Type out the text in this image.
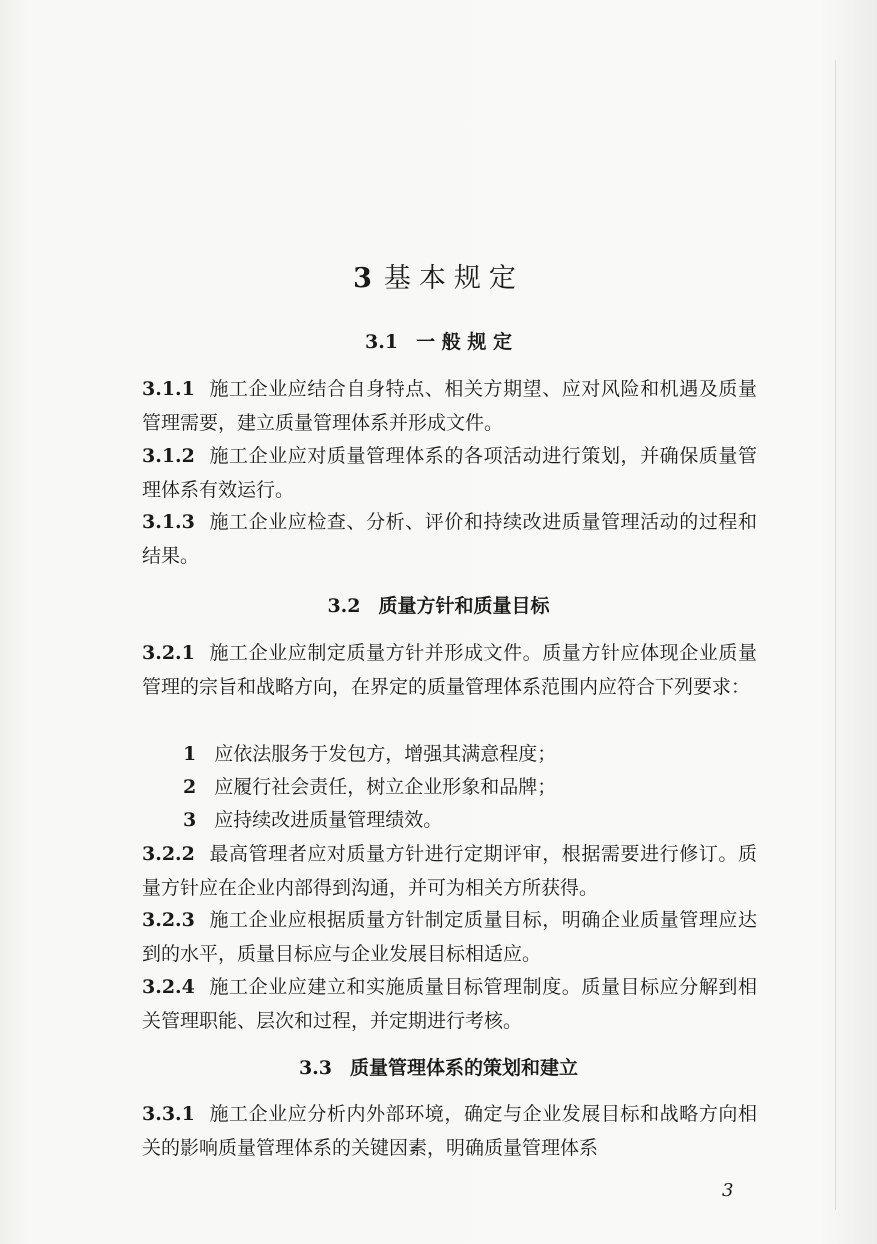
3 基本规定
3.1 一 般 规 定
3.1.1 施工企业应结合自身特点、相关方期望、应对风险和机遇及质量管理需要，建立质量管理体系并形成文件。
3.1.2 施工企业应对质量管理体系的各项活动进行策划，并确保质量管理体系有效运行。
3.1.3 施工企业应检查、分析、评价和持续改进质量管理活动的过程和结果。
3.2 质量方针和质量目标
3.2.1 施工企业应制定质量方针并形成文件。质量方针应体现企业质量管理的宗旨和战略方向，在界定的质量管理体系范围内应符合下列要求：
1 应依法服务于发包方，增强其满意程度；
2 应履行社会责任，树立企业形象和品牌；
3 应持续改进质量管理绩效。
3.2.2 最高管理者应对质量方针进行定期评审，根据需要进行修订。质量方针应在企业内部得到沟通，并可为相关方所获得。
3.2.3 施工企业应根据质量方针制定质量目标，明确企业质量管理应达到的水平，质量目标应与企业发展目标相适应。
3.2.4 施工企业应建立和实施质量目标管理制度。质量目标应分解到相关管理职能、层次和过程，并定期进行考核。
3.3 质量管理体系的策划和建立
3.3.1 施工企业应分析内外部环境，确定与企业发展目标和战略方向相关的影响质量管理体系的关键因素，明确质量管理体系
3
